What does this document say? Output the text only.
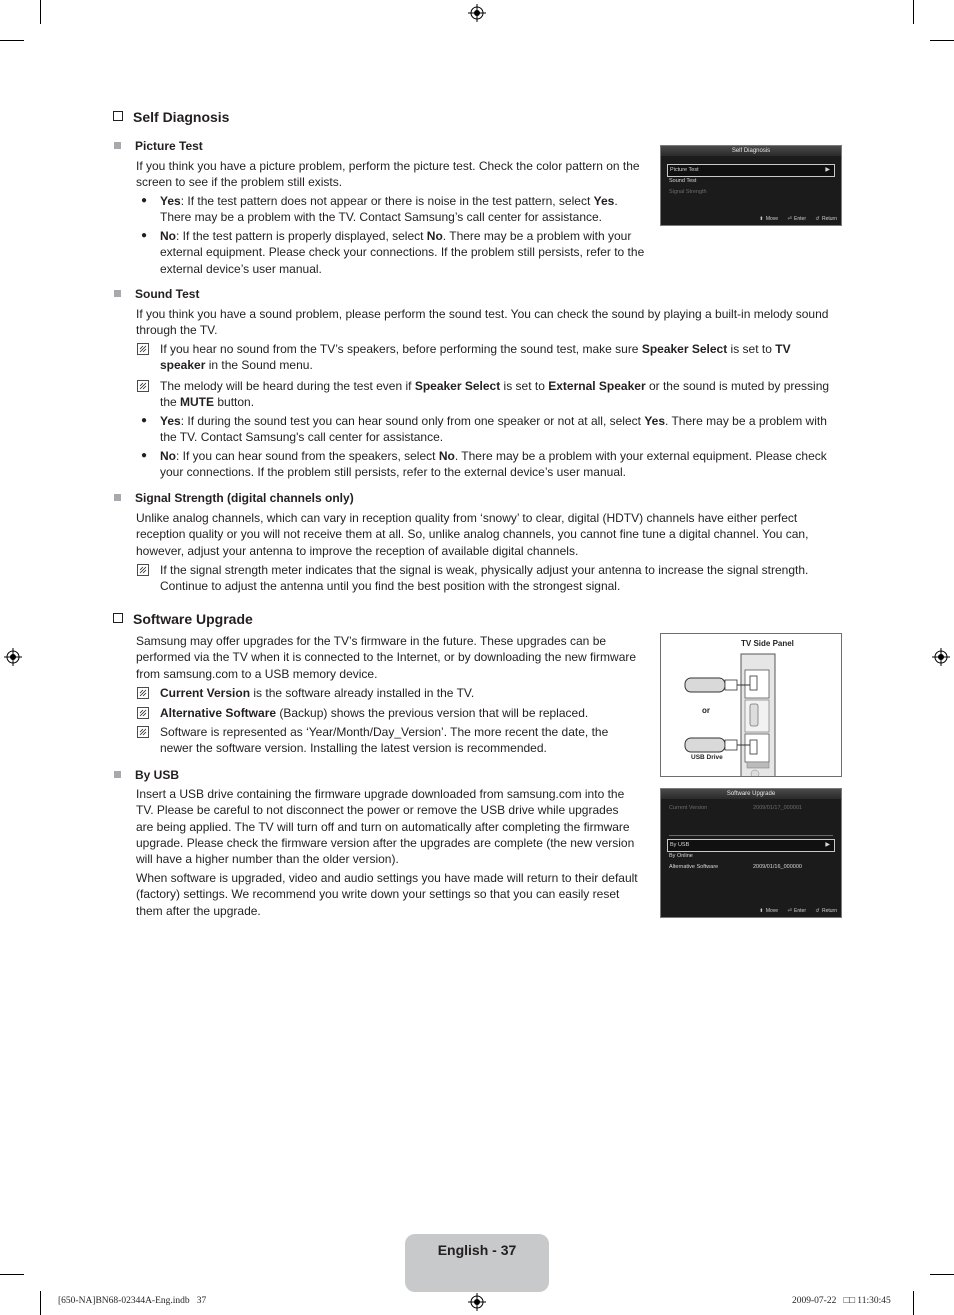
Self Diagnosis
Picture Test
If you think you have a picture problem, perform the picture test. Check the color pattern on the
screen to see if the problem still exists.
●	Yes: If the test pattern does not appear or there is noise in the test pattern, select Yes.
There may be a problem with the TV. Contact Samsung’s call center for assistance.
●	No: If the test pattern is properly displayed, select No. There may be a problem with your
external equipment. Please check your connections. If the problem still persists, refer to the
external device’s user manual.
Self Diagnosis
Picture Test	▶
Sound Test
Signal Strength
⬍ Move ⏎ Enter ↺ Return
Sound Test
If you think you have a sound problem, please perform the sound test. You can check the sound by playing a built-in melody sound
through the TV.
If you hear no sound from the TV’s speakers, before performing the sound test, make sure Speaker Select is set to TV
speaker in the Sound menu.
The melody will be heard during the test even if Speaker Select is set to External Speaker or the sound is muted by pressing
the MUTE button.
●	Yes: If during the sound test you can hear sound only from one speaker or not at all, select Yes. There may be a problem with
the TV. Contact Samsung's call center for assistance.
●	No: If you can hear sound from the speakers, select No. There may be a problem with your external equipment. Please check
your connections. If the problem still persists, refer to the external device’s user manual.
Signal Strength (digital channels only)
Unlike analog channels, which can vary in reception quality from ‘snowy’ to clear, digital (HDTV) channels have either perfect
reception quality or you will not receive them at all. So, unlike analog channels, you cannot fine tune a digital channel. You can,
however, adjust your antenna to improve the reception of available digital channels.
If the signal strength meter indicates that the signal is weak, physically adjust your antenna to increase the signal strength.
Continue to adjust the antenna until you find the best position with the strongest signal.
Software Upgrade
Samsung may offer upgrades for the TV’s firmware in the future. These upgrades can be
performed via the TV when it is connected to the Internet, or by downloading the new firmware
from samsung.com to a USB memory device.
Current Version is the software already installed in the TV.
Alternative Software (Backup) shows the previous version that will be replaced.
Software is represented as ‘Year/Month/Day_Version’. The more recent the date, the
newer the software version. Installing the latest version is recommended.
TV Side Panel
or
USB Drive
Software Upgrade
Current Version	2009/01/17_000001
By USB	▶
By Online
Alternative Software	2009/01/16_000000
⬍ Move ⏎ Enter ↺ Return
By USB
Insert a USB drive containing the firmware upgrade downloaded from samsung.com into the
TV. Please be careful to not disconnect the power or remove the USB drive while upgrades
are being applied. The TV will turn off and turn on automatically after completing the firmware
upgrade. Please check the firmware version after the upgrades are complete (the new version
will have a higher number than the older version).
When software is upgraded, video and audio settings you have made will return to their default
(factory) settings. We recommend you write down your settings so that you can easily reset
them after the upgrade.
English - 37
[650-NA]BN68-02344A-Eng.indb   37	2009-07-22   □□ 11:30:45
